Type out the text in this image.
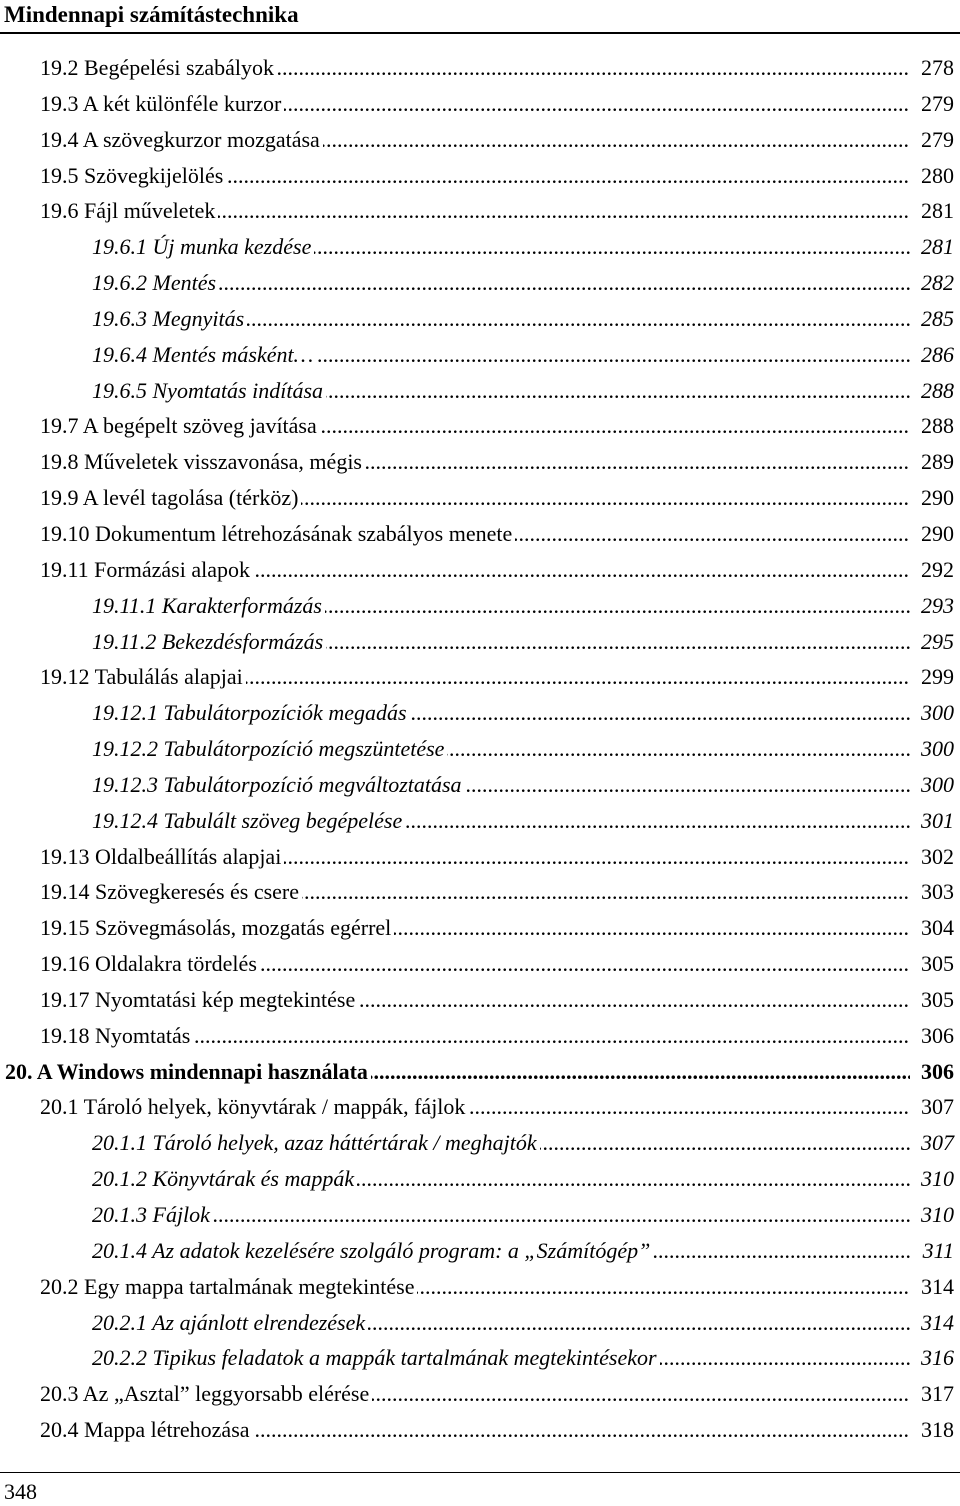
Mindennapi számítástechnika
19.2 Begépelési szabályok .....	278
19.3 A két különféle kurzor .....	279
19.4 A szövegkurzor mozgatása .....	279
19.5 Szövegkijelölés .....	280
19.6 Fájl műveletek .....	281
19.6.1 Új munka kezdése .....	281
19.6.2 Mentés .....	282
19.6.3 Megnyitás .....	285
19.6.4 Mentés másként… .....	286
19.6.5 Nyomtatás indítása .....	288
19.7 A begépelt szöveg javítása .....	288
19.8 Műveletek visszavonása, mégis .....	289
19.9 A levél tagolása (térköz) .....	290
19.10 Dokumentum létrehozásának szabályos menete .....	290
19.11 Formázási alapok .....	292
19.11.1 Karakterformázás .....	293
19.11.2 Bekezdésformázás .....	295
19.12 Tabulálás alapjai .....	299
19.12.1 Tabulátorpozíciók megadás .....	300
19.12.2 Tabulátorpozíció megszüntetése .....	300
19.12.3 Tabulátorpozíció megváltoztatása .....	300
19.12.4 Tabulált szöveg begépelése .....	301
19.13 Oldalbeállítás alapjai .....	302
19.14 Szövegkeresés és csere .....	303
19.15 Szövegmásolás, mozgatás egérrel .....	304
19.16 Oldalakra tördelés .....	305
19.17 Nyomtatási kép megtekintése .....	305
19.18 Nyomtatás .....	306
20. A Windows mindennapi használata .....	306
20.1 Tároló helyek, könyvtárak / mappák, fájlok .....	307
20.1.1 Tároló helyek, azaz háttértárak / meghajtók .....	307
20.1.2 Könyvtárak és mappák .....	310
20.1.3 Fájlok .....	310
20.1.4 Az adatok kezelésére szolgáló program: a „Számítógép” .....	311
20.2 Egy mappa tartalmának megtekintése .....	314
20.2.1 Az ajánlott elrendezések .....	314
20.2.2 Tipikus feladatok a mappák tartalmának megtekintésekor .....	316
20.3 Az „Asztal” leggyorsabb elérése .....	317
20.4 Mappa létrehozása .....	318
348
